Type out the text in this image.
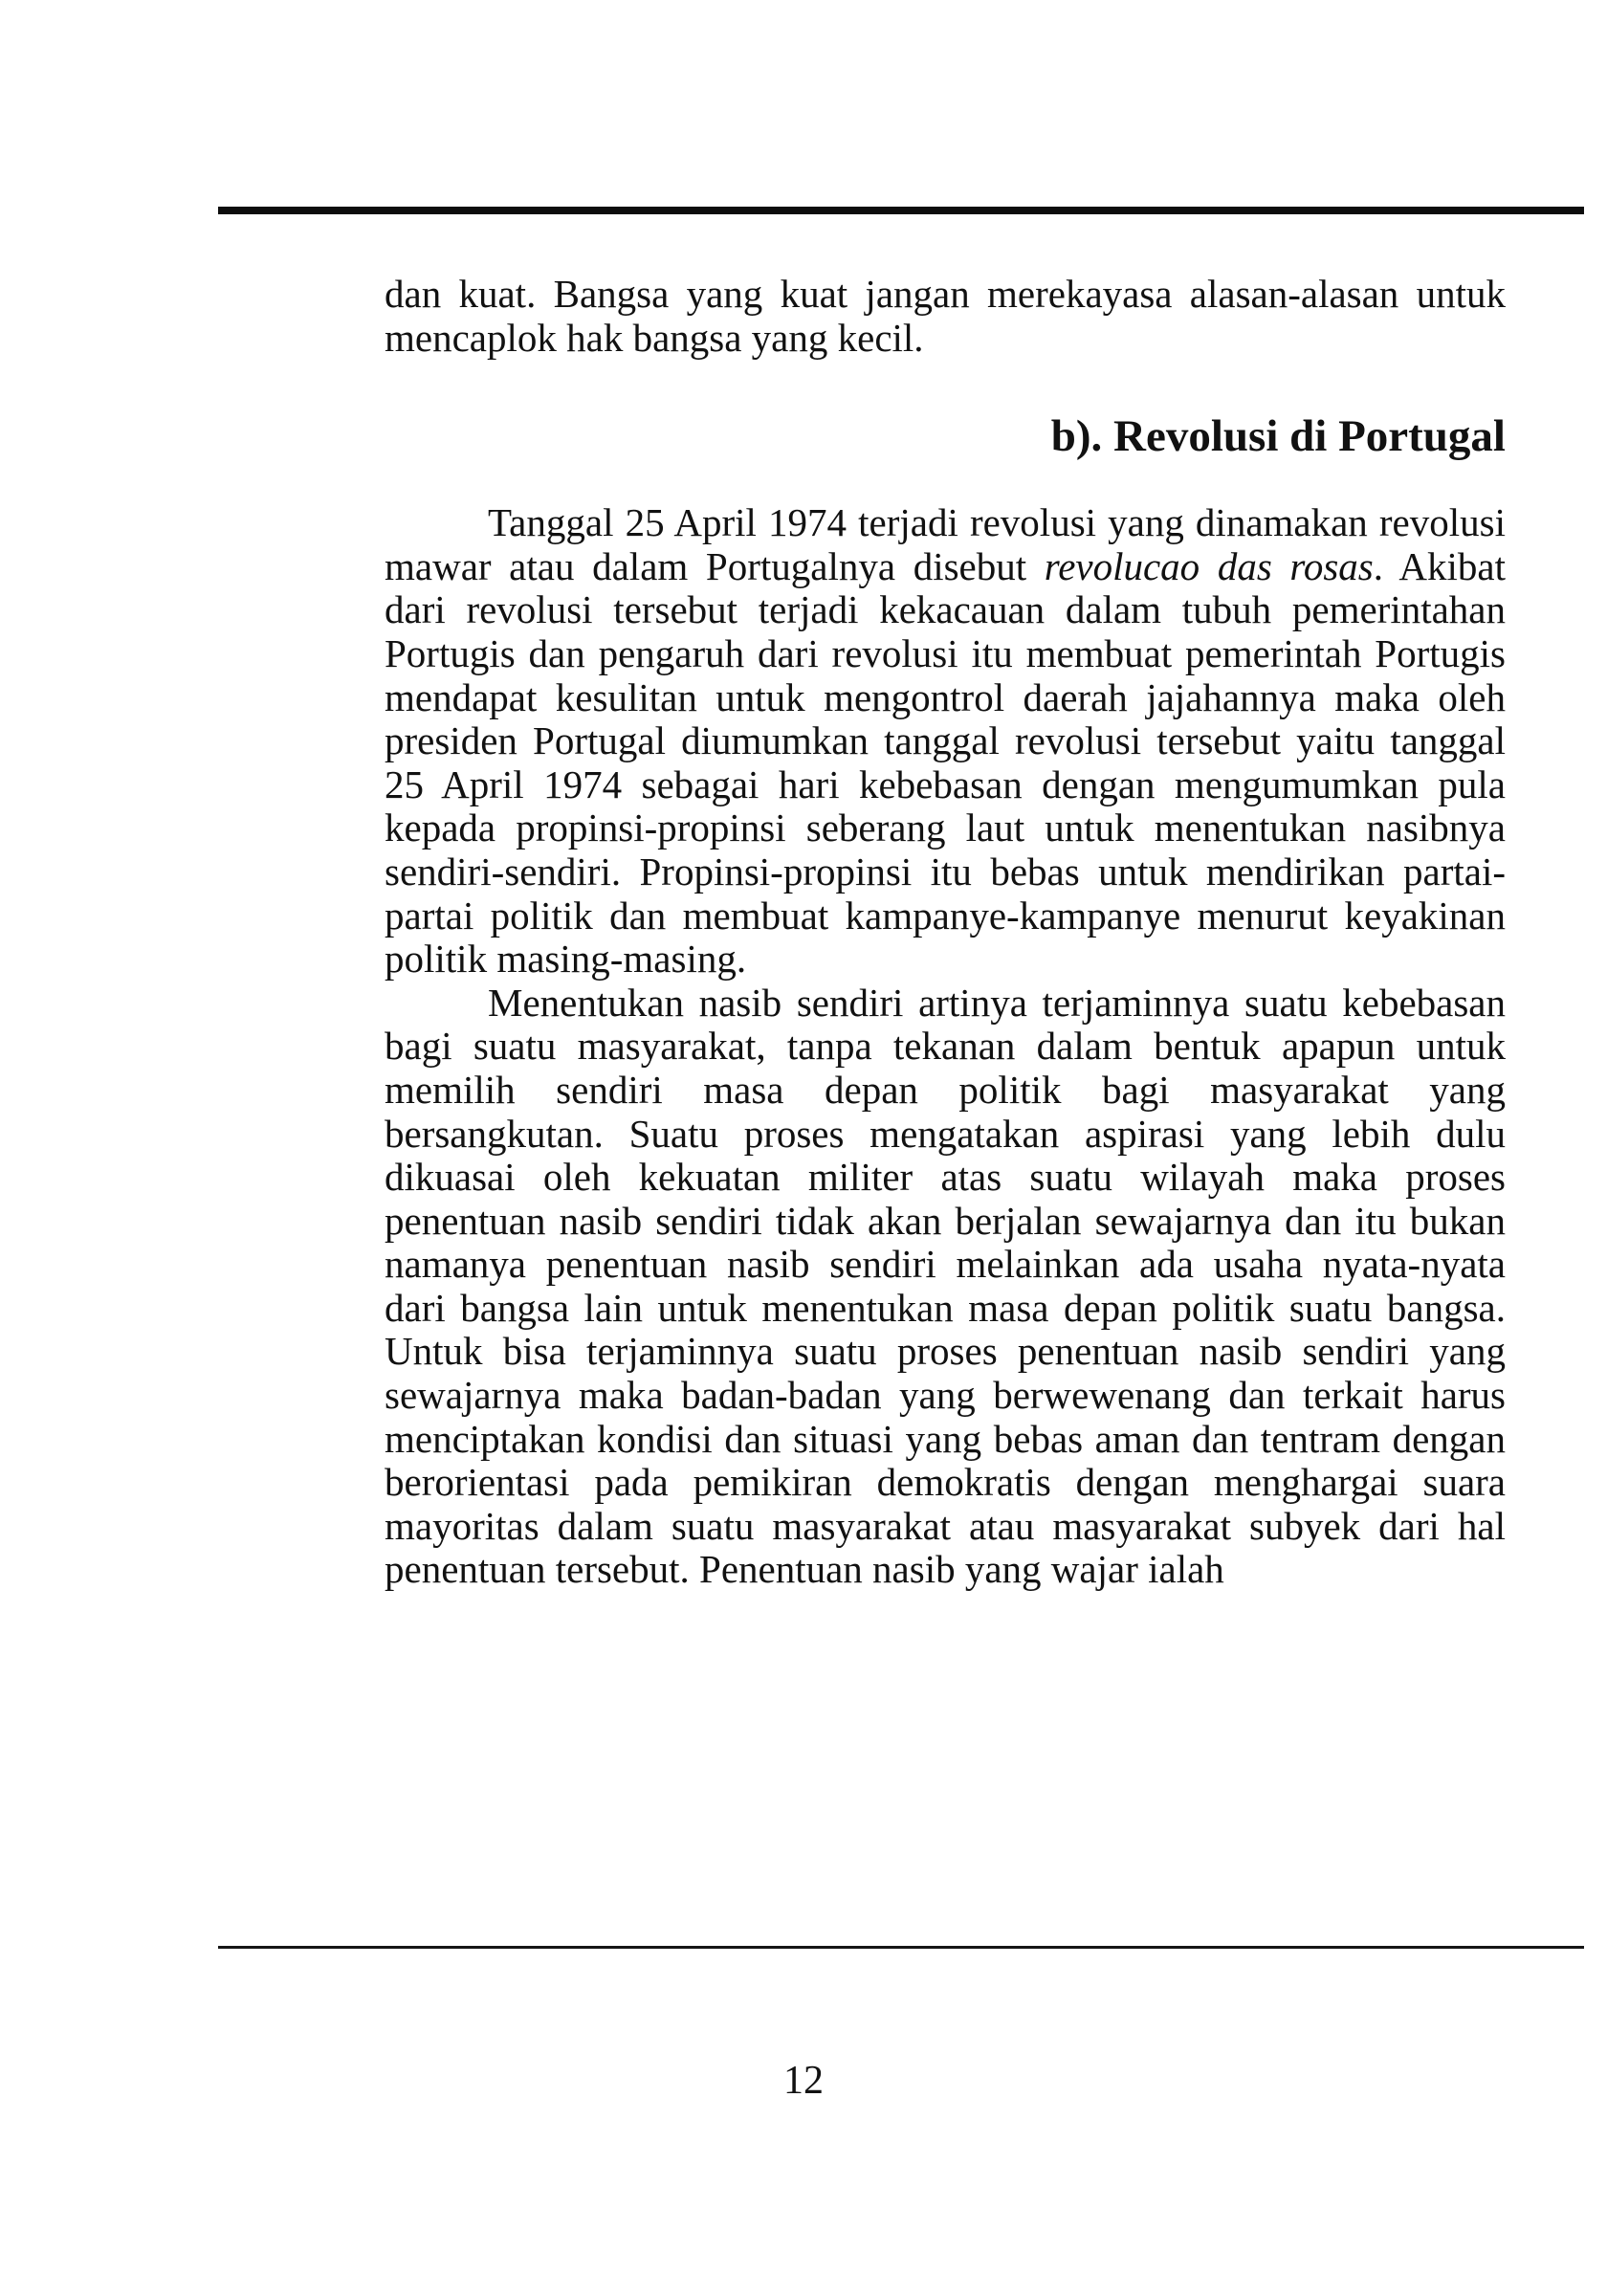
dan kuat. Bangsa yang kuat jangan merekayasa alasan-alasan untuk mencaplok hak bangsa yang kecil.

b). Revolusi di Portugal

Tanggal 25 April 1974 terjadi revolusi yang dinamakan revolusi mawar atau dalam Portugalnya disebut revolucao das rosas. Akibat dari revolusi tersebut terjadi kekacauan dalam tubuh pemerintahan Portugis dan pengaruh dari revolusi itu membuat pemerintah Portugis mendapat kesulitan untuk mengontrol daerah jajahannya maka oleh presiden Portugal diumumkan tanggal revolusi tersebut yaitu tanggal 25 April 1974 sebagai hari kebebasan dengan mengumumkan pula kepada propinsi-propinsi seberang laut untuk menentukan nasibnya sendiri-sendiri. Propinsi-propinsi itu bebas untuk mendirikan partai-partai politik dan membuat kampanye-kampanye menurut keyakinan politik masing-masing.

Menentukan nasib sendiri artinya terjaminnya suatu kebebasan bagi suatu masyarakat, tanpa tekanan dalam bentuk apapun untuk memilih sendiri masa depan politik bagi masyarakat yang bersangkutan. Suatu proses mengatakan aspirasi yang lebih dulu dikuasai oleh kekuatan militer atas suatu wilayah maka proses penentuan nasib sendiri tidak akan berjalan sewajarnya dan itu bukan namanya penentuan nasib sendiri melainkan ada usaha nyata-nyata dari bangsa lain untuk menentukan masa depan politik suatu bangsa. Untuk bisa terjaminnya suatu proses penentuan nasib sendiri yang sewajarnya maka badan-badan yang berwewenang dan terkait harus menciptakan kondisi dan situasi yang bebas aman dan tentram dengan berorientasi pada pemikiran demokratis dengan menghargai suara mayoritas dalam suatu masyarakat atau masyarakat subyek dari hal penentuan tersebut. Penentuan nasib yang wajar ialah

12
